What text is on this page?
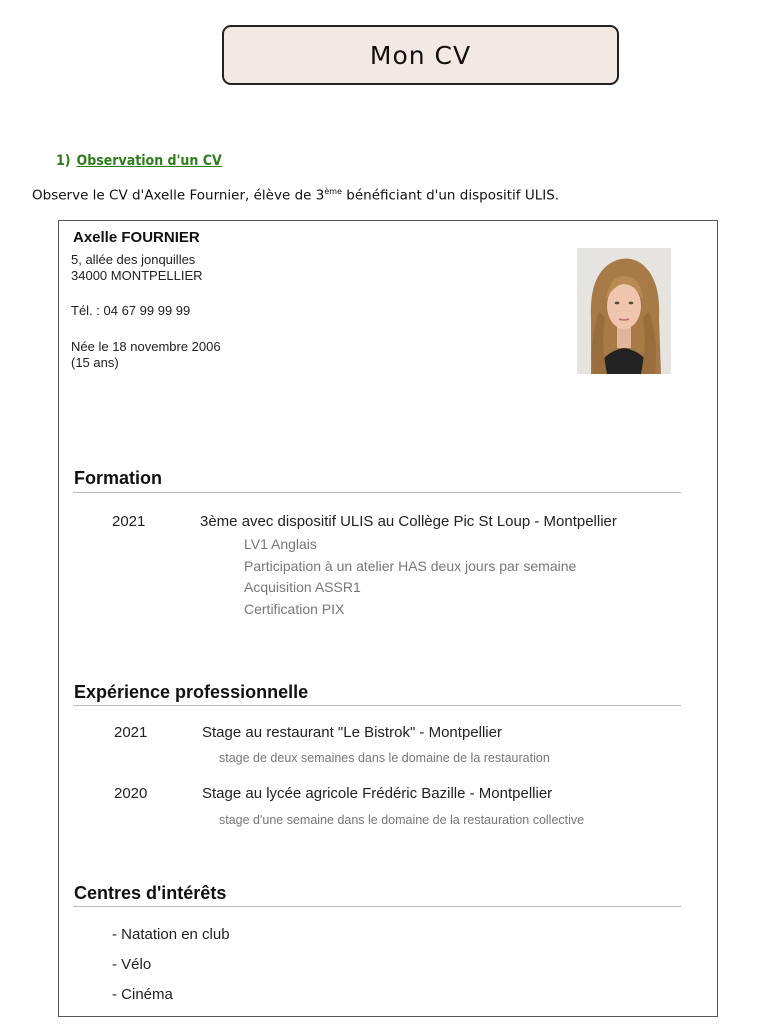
Mon CV
1) Observation d'un CV
Observe le CV d'Axelle Fournier, élève de 3ème bénéficiant d'un dispositif ULIS.
Axelle FOURNIER
5, allée des jonquilles
34000 MONTPELLIER
Tél. : 04 67 99 99 99
Née le 18 novembre 2006
(15 ans)
Formation
2021	3ème avec dispositif ULIS au Collège Pic St Loup - Montpellier
LV1 Anglais
Participation à un atelier HAS deux jours par semaine
Acquisition ASSR1
Certification PIX
Expérience professionnelle
2021	Stage au restaurant "Le Bistrok" - Montpellier
stage de deux semaines dans le domaine de la restauration
2020	Stage au lycée agricole Frédéric Bazille - Montpellier
stage d'une semaine dans le domaine de la restauration collective
Centres d'intérêts
- Natation en club
- Vélo
- Cinéma
